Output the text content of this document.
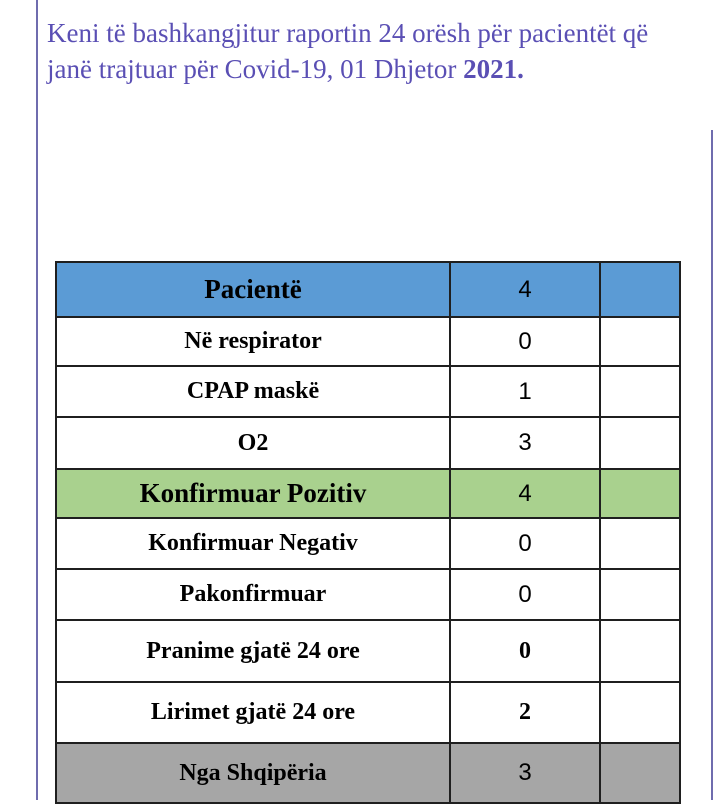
Keni të bashkangjitur raportin 24 orësh për pacientët që janë trajtuar për Covid-19, 01 Dhjetor 2021.
Pacientë	4	
Në respirator	0	
CPAP maskë	1	
O2	3	
Konfirmuar Pozitiv	4	
Konfirmuar Negativ	0	
Pakonfirmuar	0	
Pranime gjatë 24 ore	0	
Lirimet gjatë 24 ore	2	
Nga Shqipëria	3	
